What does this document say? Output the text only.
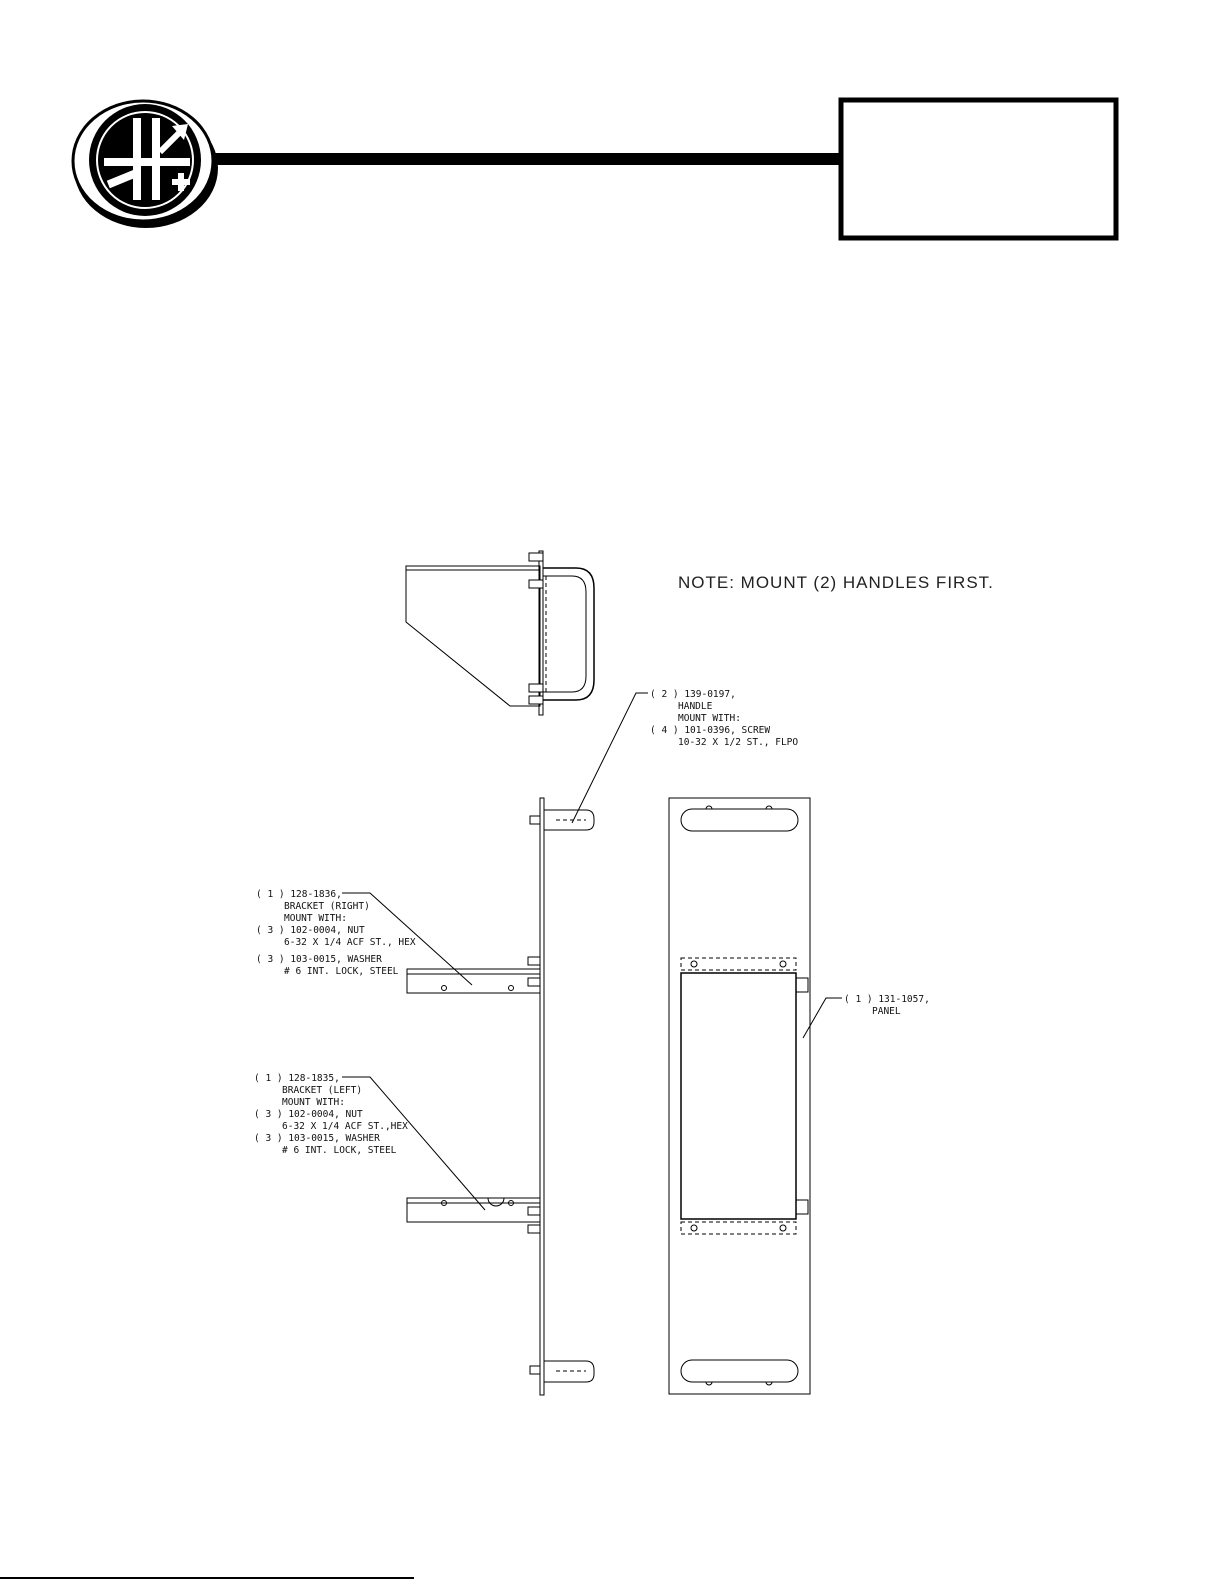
NOTE: MOUNT (2) HANDLES FIRST.
( 2 ) 139-0197,
HANDLE
MOUNT WITH:
( 4 ) 101-0396, SCREW
10-32 X 1/2 ST., FLPO
( 1 ) 128-1836,
BRACKET (RIGHT)
MOUNT WITH:
( 3 ) 102-0004, NUT
6-32 X 1/4 ACF ST., HEX
( 3 ) 103-0015, WASHER
# 6 INT. LOCK, STEEL
( 1 ) 128-1835,
BRACKET (LEFT)
MOUNT WITH:
( 3 ) 102-0004, NUT
6-32 X 1/4 ACF ST.,HEX
( 3 ) 103-0015, WASHER
# 6 INT. LOCK, STEEL
( 1 ) 131-1057,
PANEL
